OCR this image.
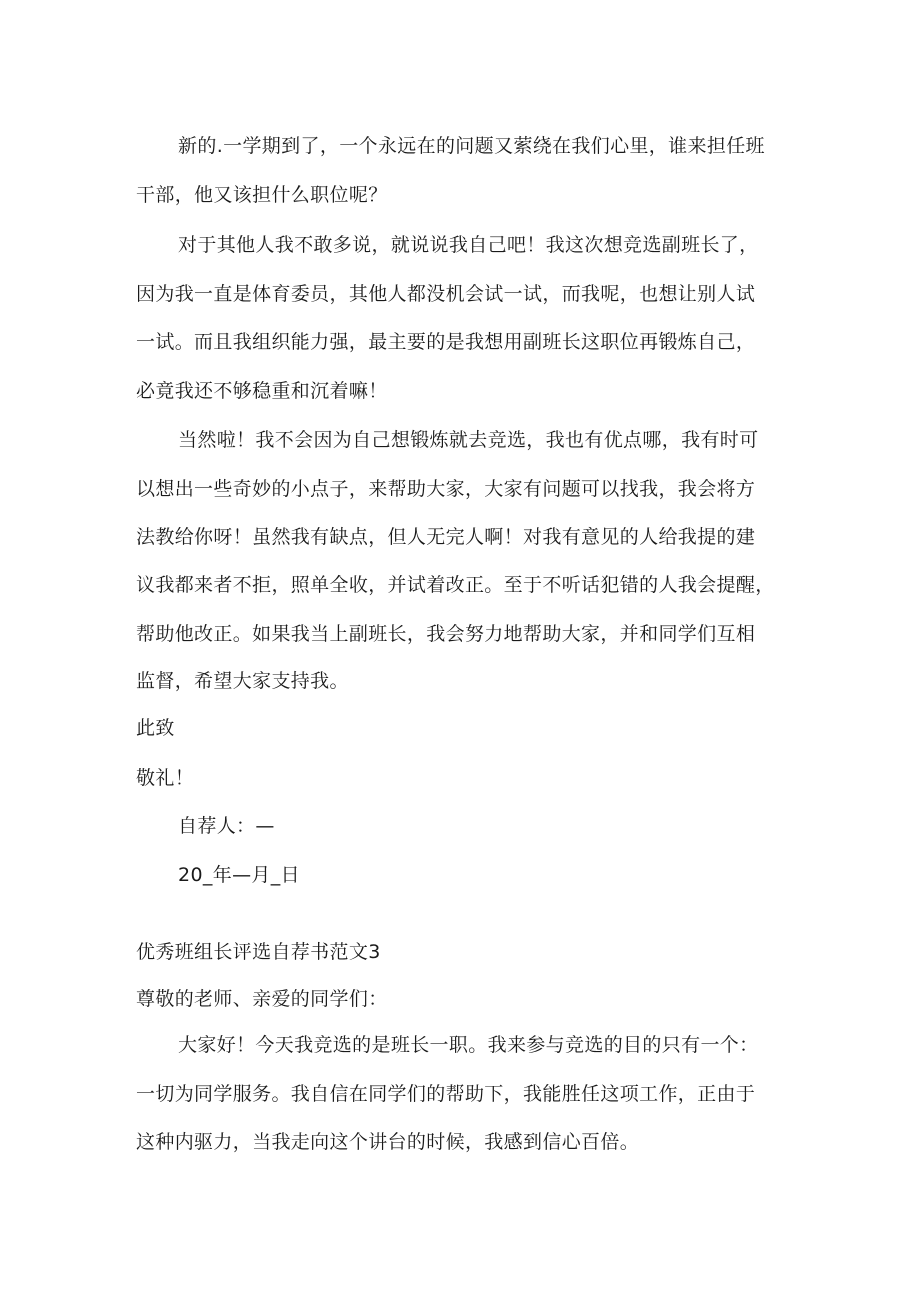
新的.一学期到了，一个永远在的问题又萦绕在我们心里，谁来担任班
干部，他又该担什么职位呢？
对于其他人我不敢多说，就说说我自己吧！我这次想竞选副班长了，
因为我一直是体育委员，其他人都没机会试一试，而我呢，也想让别人试
一试。而且我组织能力强，最主要的是我想用副班长这职位再锻炼自己，
必竟我还不够稳重和沉着嘛！
当然啦！我不会因为自己想锻炼就去竞选，我也有优点哪，我有时可
以想出一些奇妙的小点子，来帮助大家，大家有问题可以找我，我会将方
法教给你呀！虽然我有缺点，但人无完人啊！对我有意见的人给我提的建
议我都来者不拒，照单全收，并试着改正。至于不听话犯错的人我会提醒，
帮助他改正。如果我当上副班长，我会努力地帮助大家，并和同学们互相
监督，希望大家支持我。
此致
敬礼！
自荐人：—
20_年—月_日
优秀班组长评选自荐书范文3
尊敬的老师、亲爱的同学们：
大家好！今天我竞选的是班长一职。我来参与竞选的目的只有一个：
一切为同学服务。我自信在同学们的帮助下，我能胜任这项工作，正由于
这种内驱力，当我走向这个讲台的时候，我感到信心百倍。
